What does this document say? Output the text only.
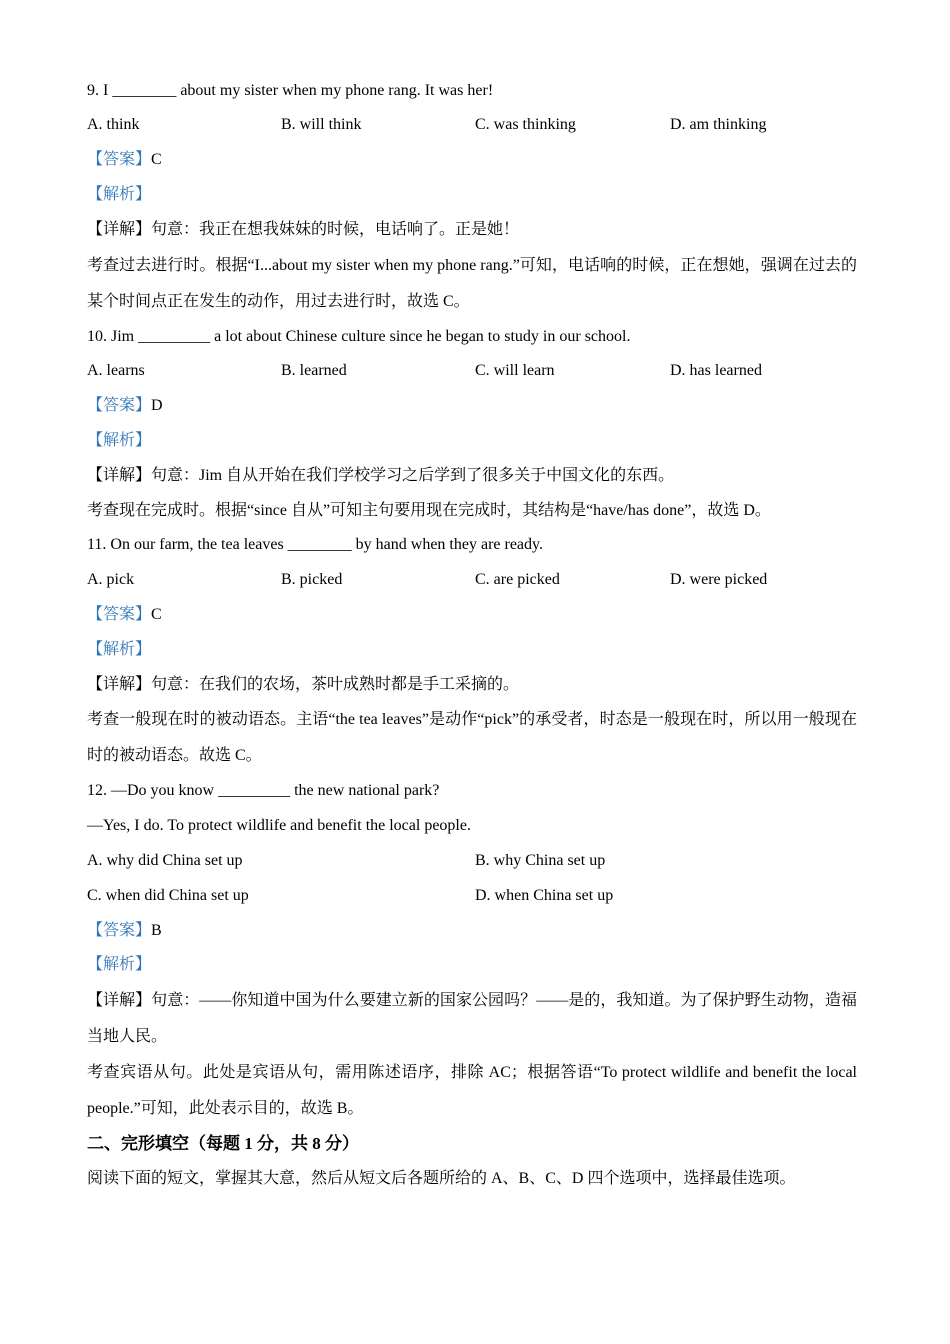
9. I ________ about my sister when my phone rang. It was her!
A. think	B. will think	C. was thinking	D. am thinking
【答案】C
【解析】
【详解】句意：我正在想我妹妹的时候，电话响了。正是她！
考查过去进行时。根据“I...about my sister when my phone rang.”可知，电话响的时候，正在想她，强调在过去的某个时间点正在发生的动作，用过去进行时，故选 C。
10. Jim _________ a lot about Chinese culture since he began to study in our school.
A. learns	B. learned	C. will learn	D. has learned
【答案】D
【解析】
【详解】句意：Jim 自从开始在我们学校学习之后学到了很多关于中国文化的东西。
考查现在完成时。根据“since 自从”可知主句要用现在完成时，其结构是“have/has done”，故选 D。
11. On our farm, the tea leaves ________ by hand when they are ready.
A. pick	B. picked	C. are picked	D. were picked
【答案】C
【解析】
【详解】句意：在我们的农场，茶叶成熟时都是手工采摘的。
考查一般现在时的被动语态。主语“the tea leaves”是动作“pick”的承受者，时态是一般现在时，所以用一般现在时的被动语态。故选 C。
12. —Do you know _________ the new national park?
—Yes, I do. To protect wildlife and benefit the local people.
A. why did China set up	B. why China set up
C. when did China set up	D. when China set up
【答案】B
【解析】
【详解】句意：——你知道中国为什么要建立新的国家公园吗？——是的，我知道。为了保护野生动物，造福当地人民。
考查宾语从句。此处是宾语从句，需用陈述语序，排除 AC；根据答语“To protect wildlife and benefit the local people.”可知，此处表示目的，故选 B。
二、完形填空（每题 1 分，共 8 分）
阅读下面的短文，掌握其大意，然后从短文后各题所给的 A、B、C、D 四个选项中，选择最佳选项。
